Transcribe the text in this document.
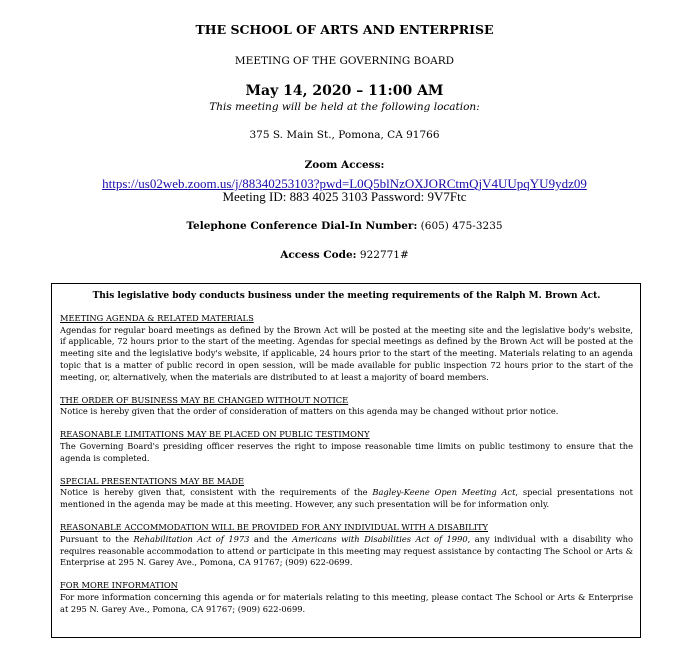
THE SCHOOL OF ARTS AND ENTERPRISE
MEETING OF THE GOVERNING BOARD
May 14, 2020 – 11:00 AM
This meeting will be held at the following location:
375 S. Main St., Pomona, CA 91766
Zoom Access:
https://us02web.zoom.us/j/88340253103?pwd=L0Q5blNzOXJORCtmQjV4UUpqYU9ydz09
Meeting ID: 883 4025 3103 Password: 9V7Ftc
Telephone Conference Dial-In Number: (605) 475-3235
Access Code: 922771#
This legislative body conducts business under the meeting requirements of the Ralph M. Brown Act.
MEETING AGENDA & RELATED MATERIALS
Agendas for regular board meetings as defined by the Brown Act will be posted at the meeting site and the legislative body's website, if applicable, 72 hours prior to the start of the meeting. Agendas for special meetings as defined by the Brown Act will be posted at the meeting site and the legislative body's website, if applicable, 24 hours prior to the start of the meeting. Materials relating to an agenda topic that is a matter of public record in open session, will be made available for public inspection 72 hours prior to the start of the meeting, or, alternatively, when the materials are distributed to at least a majority of board members.
THE ORDER OF BUSINESS MAY BE CHANGED WITHOUT NOTICE
Notice is hereby given that the order of consideration of matters on this agenda may be changed without prior notice.
REASONABLE LIMITATIONS MAY BE PLACED ON PUBLIC TESTIMONY
The Governing Board's presiding officer reserves the right to impose reasonable time limits on public testimony to ensure that the agenda is completed.
SPECIAL PRESENTATIONS MAY BE MADE
Notice is hereby given that, consistent with the requirements of the Bagley-Keene Open Meeting Act, special presentations not mentioned in the agenda may be made at this meeting. However, any such presentation will be for information only.
REASONABLE ACCOMMODATION WILL BE PROVIDED FOR ANY INDIVIDUAL WITH A DISABILITY
Pursuant to the Rehabilitation Act of 1973 and the Americans with Disabilities Act of 1990, any individual with a disability who requires reasonable accommodation to attend or participate in this meeting may request assistance by contacting The School or Arts & Enterprise at 295 N. Garey Ave., Pomona, CA 91767; (909) 622-0699.
FOR MORE INFORMATION
For more information concerning this agenda or for materials relating to this meeting, please contact The School or Arts & Enterprise at 295 N. Garey Ave., Pomona, CA 91767; (909) 622-0699.
